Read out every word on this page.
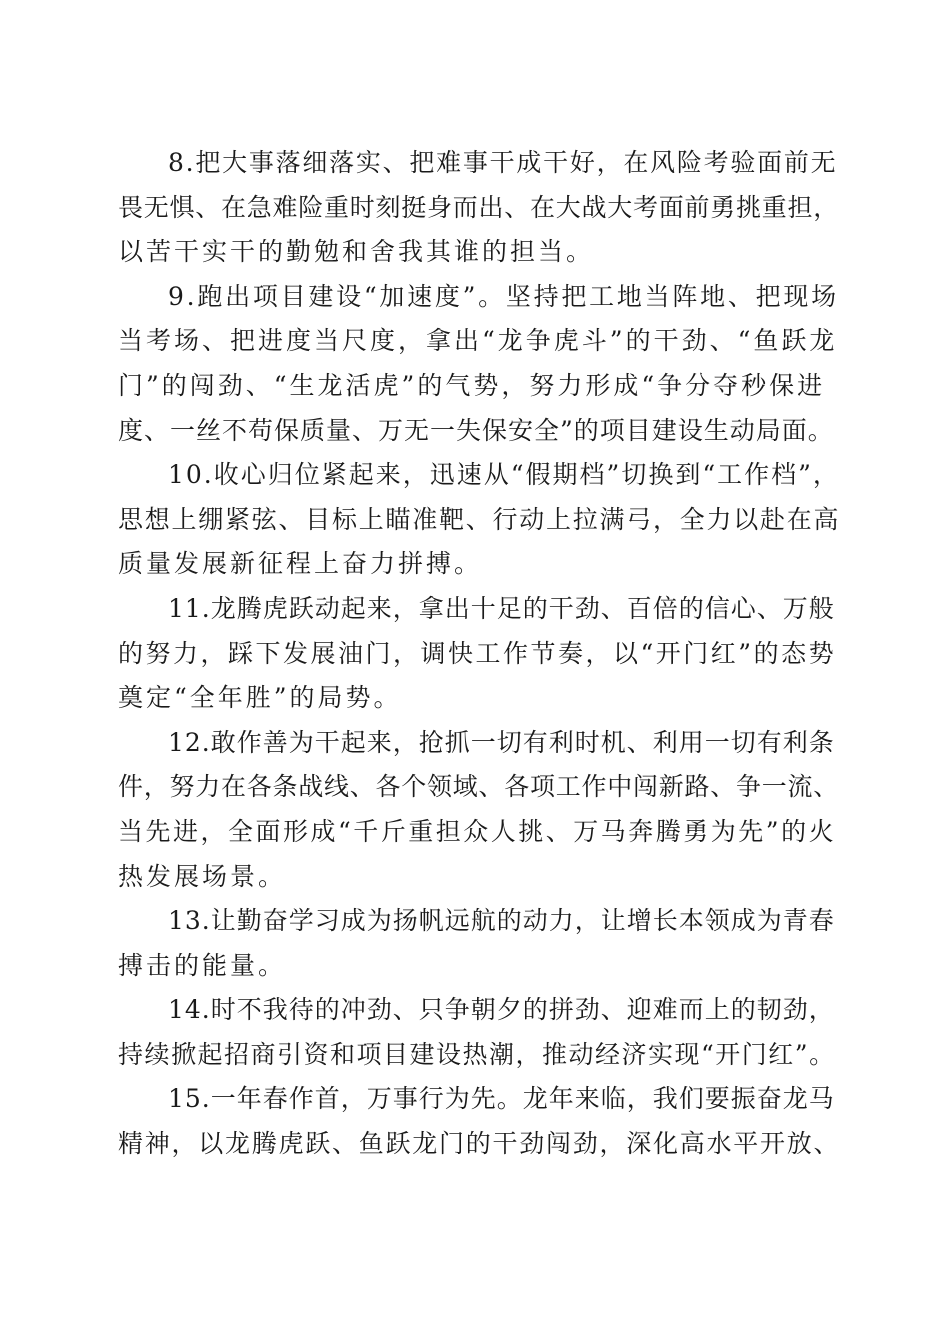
8.把大事落细落实、把难事干成干好，在风险考验面前无
畏无惧、在急难险重时刻挺身而出、在大战大考面前勇挑重担，
以苦干实干的勤勉和舍我其谁的担当。
9.跑出项目建设“加速度”。坚持把工地当阵地、把现场
当考场、把进度当尺度，拿出“龙争虎斗”的干劲、“鱼跃龙
门”的闯劲、“生龙活虎”的气势，努力形成“争分夺秒保进
度、一丝不苟保质量、万无一失保安全”的项目建设生动局面。
10.收心归位紧起来，迅速从“假期档”切换到“工作档”，
思想上绷紧弦、目标上瞄准靶、行动上拉满弓，全力以赴在高
质量发展新征程上奋力拼搏。
11.龙腾虎跃动起来，拿出十足的干劲、百倍的信心、万般
的努力，踩下发展油门，调快工作节奏，以“开门红”的态势
奠定“全年胜”的局势。
12.敢作善为干起来，抢抓一切有利时机、利用一切有利条
件，努力在各条战线、各个领域、各项工作中闯新路、争一流、
当先进，全面形成“千斤重担众人挑、万马奔腾勇为先”的火
热发展场景。
13.让勤奋学习成为扬帆远航的动力，让增长本领成为青春
搏击的能量。
14.时不我待的冲劲、只争朝夕的拼劲、迎难而上的韧劲，
持续掀起招商引资和项目建设热潮，推动经济实现“开门红”。
15.一年春作首，万事行为先。龙年来临，我们要振奋龙马
精神，以龙腾虎跃、鱼跃龙门的干劲闯劲，深化高水平开放、
